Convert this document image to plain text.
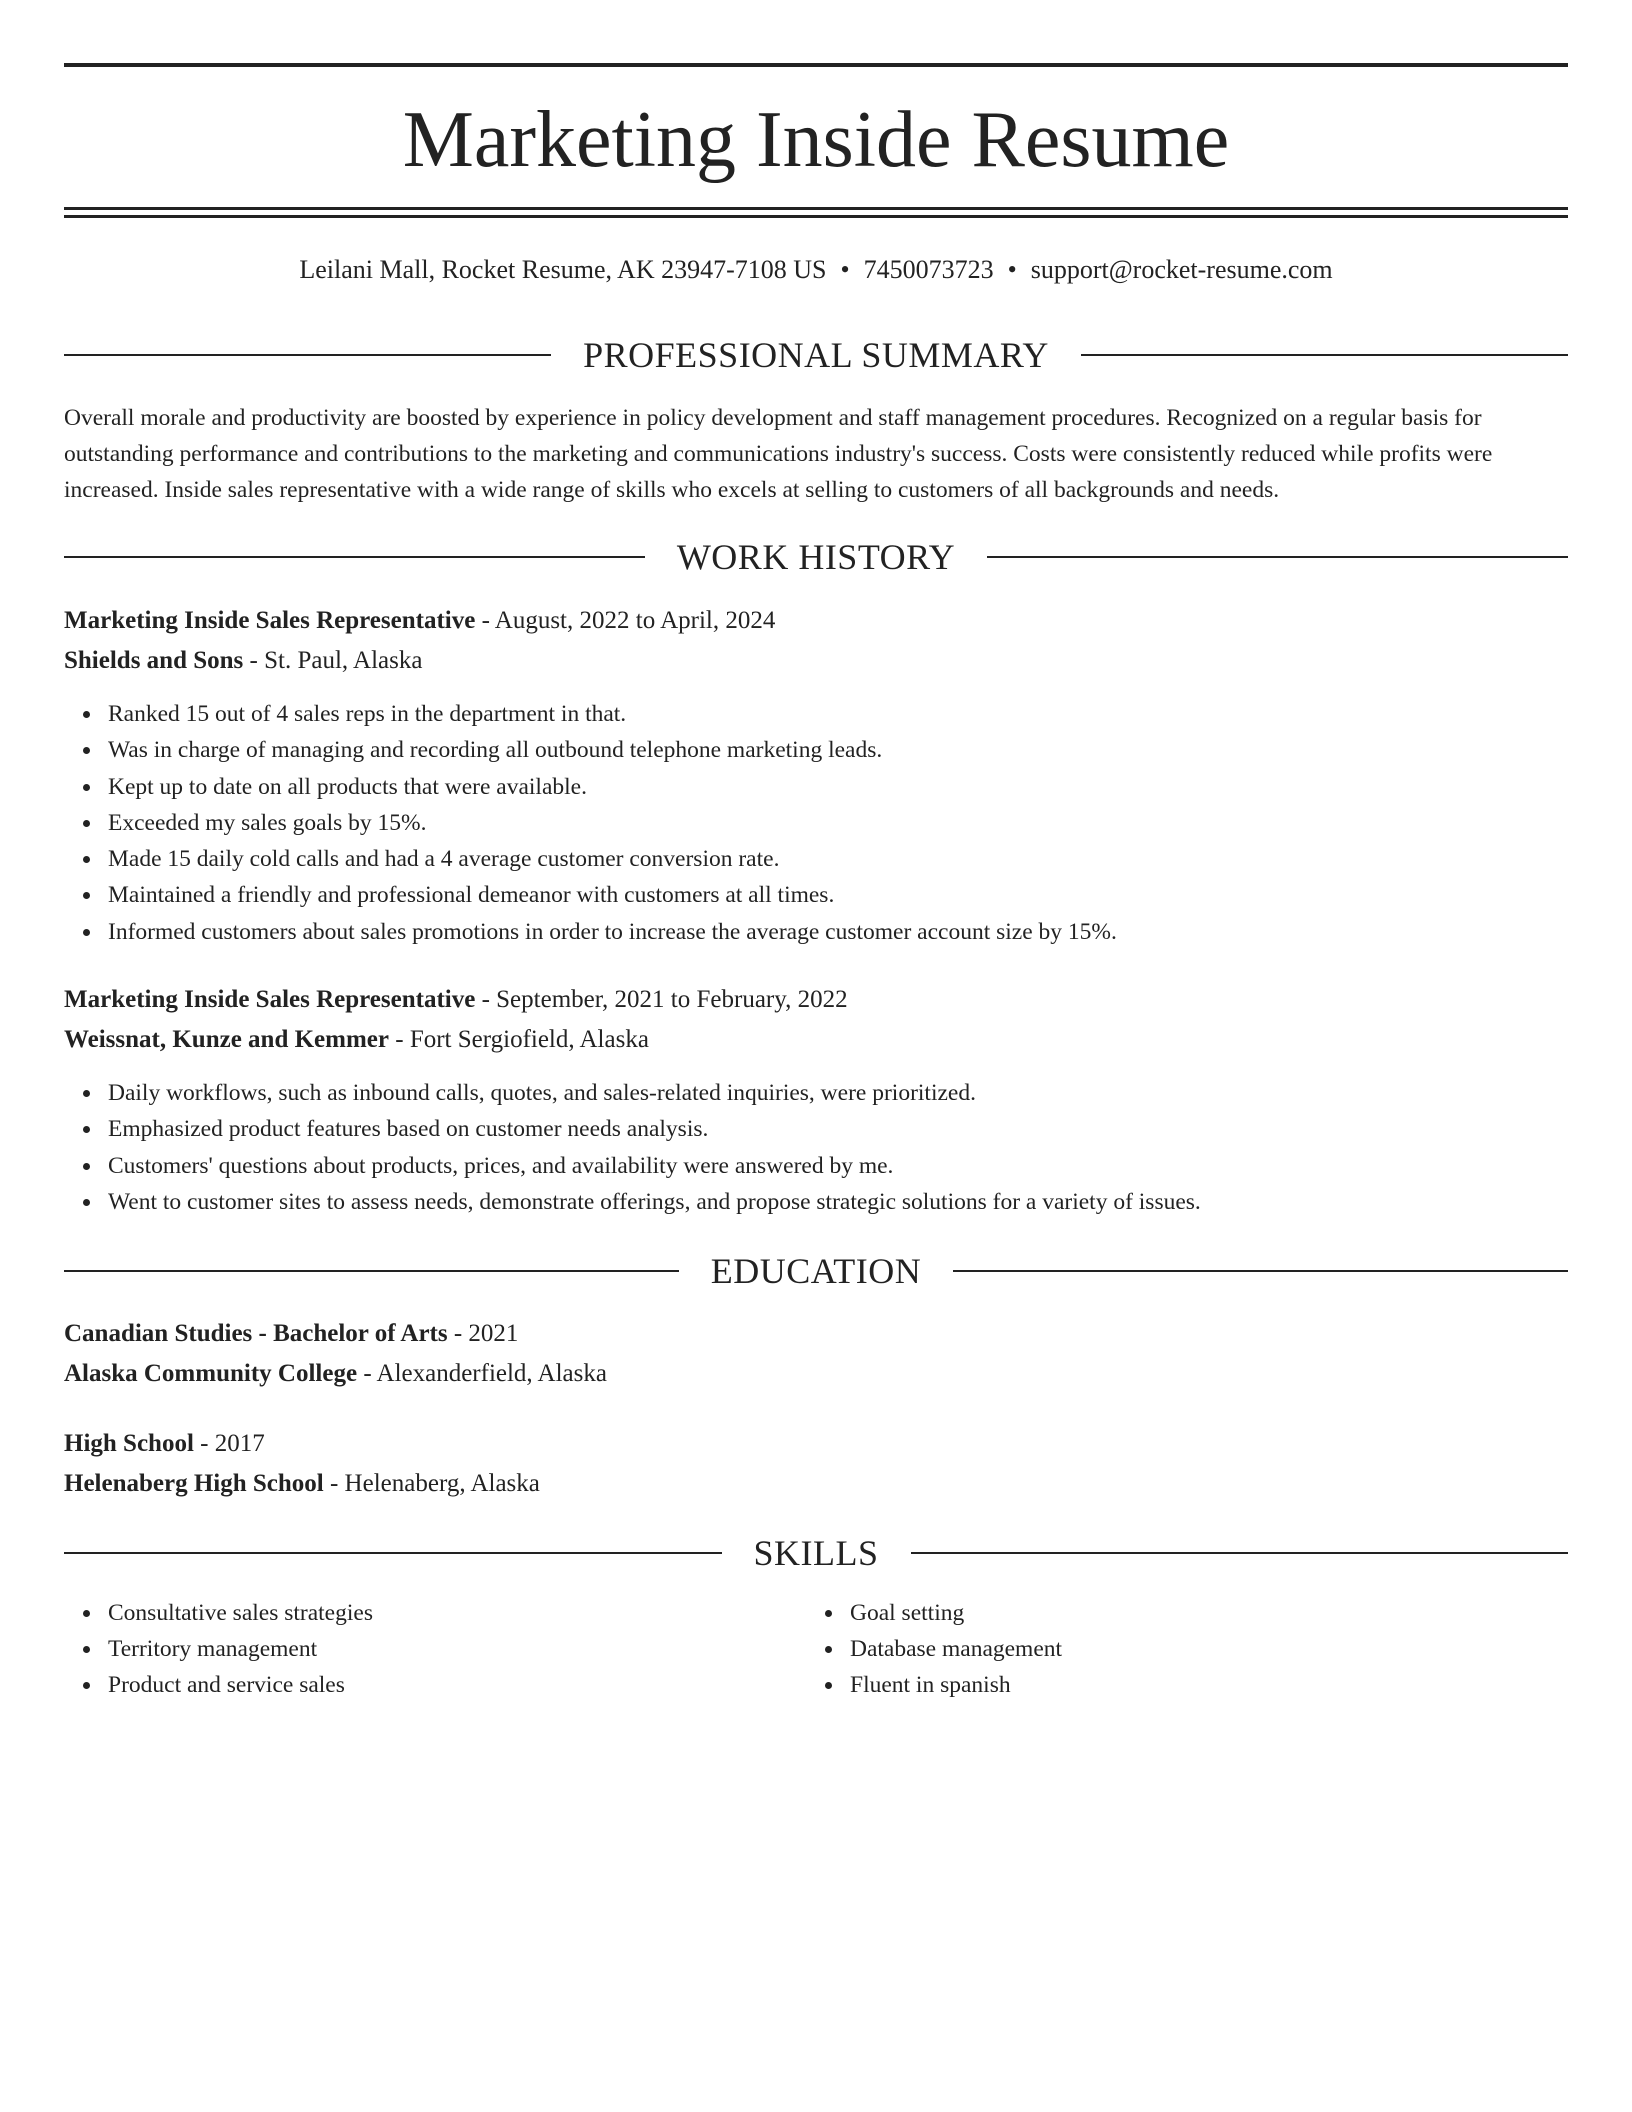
Marketing Inside Resume
Leilani Mall, Rocket Resume, AK 23947-7108 US • 7450073723 • support@rocket-resume.com
PROFESSIONAL SUMMARY
Overall morale and productivity are boosted by experience in policy development and staff management procedures. Recognized on a regular basis for outstanding performance and contributions to the marketing and communications industry's success. Costs were consistently reduced while profits were increased. Inside sales representative with a wide range of skills who excels at selling to customers of all backgrounds and needs.
WORK HISTORY
Marketing Inside Sales Representative - August, 2022 to April, 2024
Shields and Sons - St. Paul, Alaska
Ranked 15 out of 4 sales reps in the department in that.
Was in charge of managing and recording all outbound telephone marketing leads.
Kept up to date on all products that were available.
Exceeded my sales goals by 15%.
Made 15 daily cold calls and had a 4 average customer conversion rate.
Maintained a friendly and professional demeanor with customers at all times.
Informed customers about sales promotions in order to increase the average customer account size by 15%.
Marketing Inside Sales Representative - September, 2021 to February, 2022
Weissnat, Kunze and Kemmer - Fort Sergiofield, Alaska
Daily workflows, such as inbound calls, quotes, and sales-related inquiries, were prioritized.
Emphasized product features based on customer needs analysis.
Customers' questions about products, prices, and availability were answered by me.
Went to customer sites to assess needs, demonstrate offerings, and propose strategic solutions for a variety of issues.
EDUCATION
Canadian Studies - Bachelor of Arts - 2021
Alaska Community College - Alexanderfield, Alaska
High School - 2017
Helenaberg High School - Helenaberg, Alaska
SKILLS
Consultative sales strategies
Territory management
Product and service sales
Goal setting
Database management
Fluent in spanish
